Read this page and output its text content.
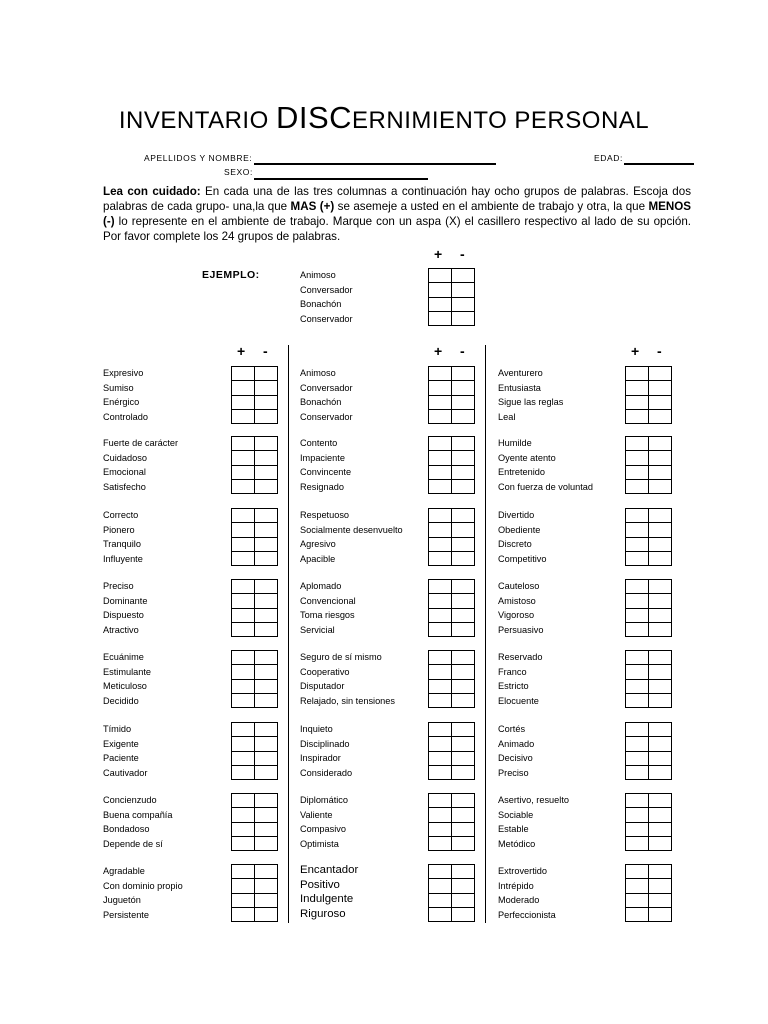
INVENTARIO DISCERNIMIENTO PERSONAL
APELLIDOS Y NOMBRE:
SEXO:
EDAD:
Lea con cuidado: En cada una de las tres columnas a continuación hay ocho grupos de palabras. Escoja dos palabras de cada grupo- una,la que MAS (+) se asemeje a usted en el ambiente de trabajo y otra, la que MENOS (-) lo represente en el ambiente de trabajo. Marque con un aspa (X) el casillero respectivo al lado de su opción. Por favor complete los 24 grupos de palabras.
+ -
EJEMPLO:	Animoso
Conversador
Bonachón
Conservador

+ -	+ -	+ -
Expresivo
Sumiso
Enérgico
Controlado

Fuerte de carácter
Cuidadoso
Emocional
Satisfecho

Correcto
Pionero
Tranquilo
Influyente

Preciso
Dominante
Dispuesto
Atractivo

Ecuánime
Estimulante
Meticuloso
Decidido

Tímido
Exigente
Paciente
Cautivador

Concienzudo
Buena compañía
Bondadoso
Depende de sí

Agradable
Con dominio propio
Juguetón
Persistente

Animoso
Conversador
Bonachón
Conservador

Contento
Impaciente
Convincente
Resignado

Respetuoso
Socialmente desenvuelto
Agresivo
Apacible

Aplomado
Convencional
Toma riesgos
Servicial

Seguro de sí mismo
Cooperativo
Disputador
Relajado, sin tensiones

Inquieto
Disciplinado
Inspirador
Considerado

Diplomático
Valiente
Compasivo
Optimista

Encantador
Positivo
Indulgente
Riguroso

Aventurero
Entusiasta
Sigue las reglas
Leal

Humilde
Oyente atento
Entretenido
Con fuerza de voluntad

Divertido
Obediente
Discreto
Competitivo

Cauteloso
Amistoso
Vigoroso
Persuasivo

Reservado
Franco
Estricto
Elocuente

Cortés
Animado
Decisivo
Preciso

Asertivo, resuelto
Sociable
Estable
Metódico

Extrovertido
Intrépido
Moderado
Perfeccionista
